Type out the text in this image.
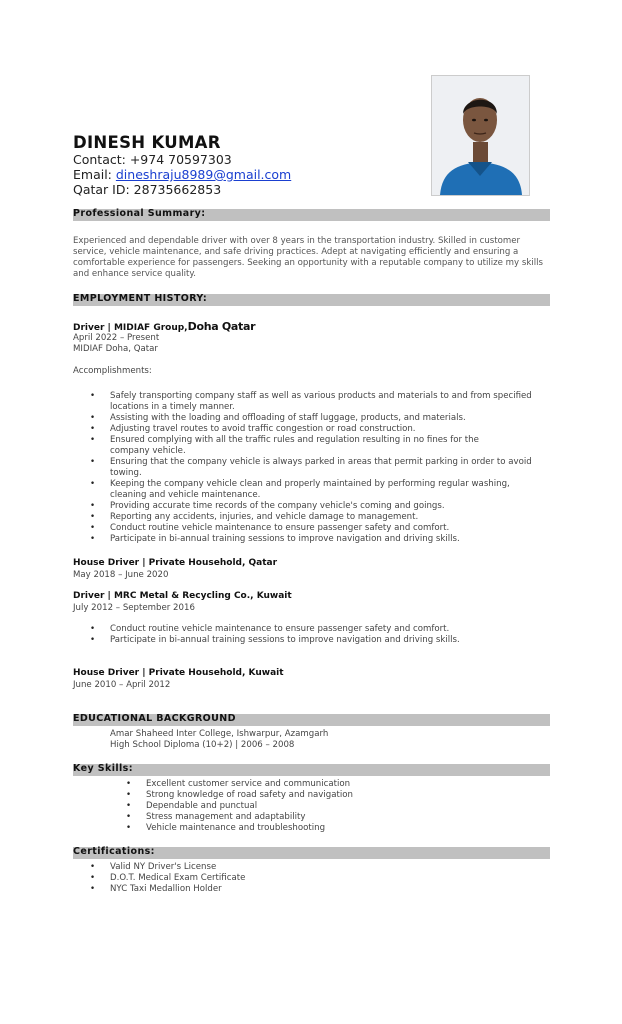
DINESH KUMAR
Contact: +974 70597303
Email: dineshraju8989@gmail.com
Qatar ID: 28735662853
Professional Summary:
Experienced and dependable driver with over 8 years in the transportation industry. Skilled in customer service, vehicle maintenance, and safe driving practices. Adept at navigating efficiently and ensuring a comfortable experience for passengers. Seeking an opportunity with a reputable company to utilize my skills and enhance service quality.
EMPLOYMENT HISTORY:
Driver | MIDIAF Group,Doha Qatar
April 2022 – Present
MIDIAF Doha, Qatar
Accomplishments:
• Safely transporting company staff as well as various products and materials to and from specified locations in a timely manner.
• Assisting with the loading and offloading of staff luggage, products, and materials.
• Adjusting travel routes to avoid traffic congestion or road construction.
• Ensured complying with all the traffic rules and regulation resulting in no fines for the company vehicle.
• Ensuring that the company vehicle is always parked in areas that permit parking in order to avoid towing.
• Keeping the company vehicle clean and properly maintained by performing regular washing, cleaning and vehicle maintenance.
• Providing accurate time records of the company vehicle's coming and goings.
• Reporting any accidents, injuries, and vehicle damage to management.
• Conduct routine vehicle maintenance to ensure passenger safety and comfort.
• Participate in bi-annual training sessions to improve navigation and driving skills.
House Driver | Private Household, Qatar
May 2018 – June 2020
Driver | MRC Metal & Recycling Co., Kuwait
July 2012 – September 2016
• Conduct routine vehicle maintenance to ensure passenger safety and comfort.
• Participate in bi-annual training sessions to improve navigation and driving skills.
House Driver | Private Household, Kuwait
June 2010 – April 2012
EDUCATIONAL BACKGROUND
Amar Shaheed Inter College, Ishwarpur, Azamgarh
High School Diploma (10+2) | 2006 – 2008
Key Skills:
• Excellent customer service and communication
• Strong knowledge of road safety and navigation
• Dependable and punctual
• Stress management and adaptability
• Vehicle maintenance and troubleshooting
Certifications:
• Valid NY Driver's License
• D.O.T. Medical Exam Certificate
• NYC Taxi Medallion Holder
